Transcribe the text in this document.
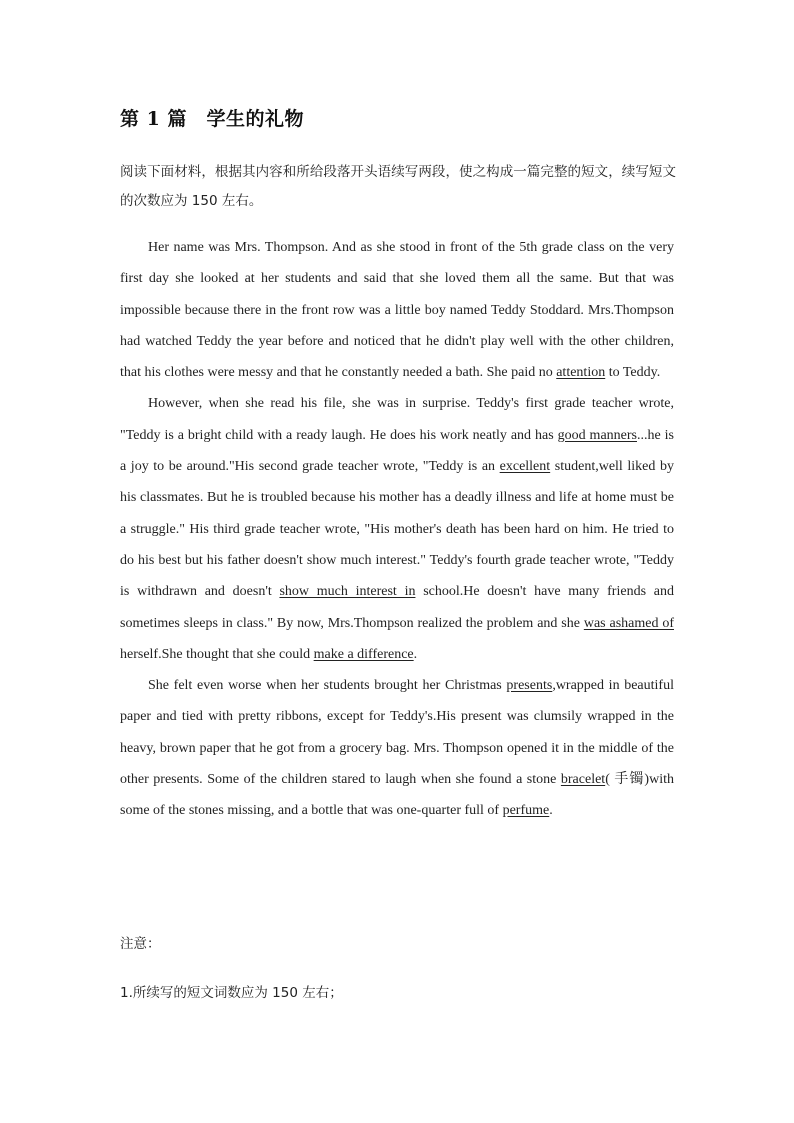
第 1 篇　学生的礼物
阅读下面材料，根据其内容和所给段落开头语续写两段，使之构成一篇完整的短文，续写短文的次数应为 150 左右。

Her name was Mrs. Thompson. And as she stood in front of the 5th grade class on the very first day she looked at her students and said that she loved them all the same. But that was impossible because there in the front row was a little boy named Teddy Stoddard. Mrs.Thompson had watched Teddy the year before and noticed that he didn't play well with the other children, that his clothes were messy and that he constantly needed a bath. She paid no attention to Teddy.

However, when she read his file, she was in surprise. Teddy's first grade teacher wrote, "Teddy is a bright child with a ready laugh. He does his work neatly and has good manners...he is a joy to be around."His second grade teacher wrote, "Teddy is an excellent student,well liked by his classmates. But he is troubled because his mother has a deadly illness and life at home must be a struggle." His third grade teacher wrote, "His mother's death has been hard on him. He tried to do his best but his father doesn't show much interest." Teddy's fourth grade teacher wrote, "Teddy is withdrawn and doesn't show much interest in school.He doesn't have many friends and sometimes sleeps in class." By now, Mrs.Thompson realized the problem and she was ashamed of herself.She thought that she could make a difference.

She felt even worse when her students brought her Christmas presents,wrapped in beautiful paper and tied with pretty ribbons, except for Teddy's.His present was clumsily wrapped in the heavy, brown paper that he got from a grocery bag. Mrs. Thompson opened it in the middle of the other presents. Some of the children stared to laugh when she found a stone bracelet( 手镯)with some of the stones missing, and a bottle that was one-quarter full of perfume.

注意：
1.所续写的短文词数应为 150 左右；
